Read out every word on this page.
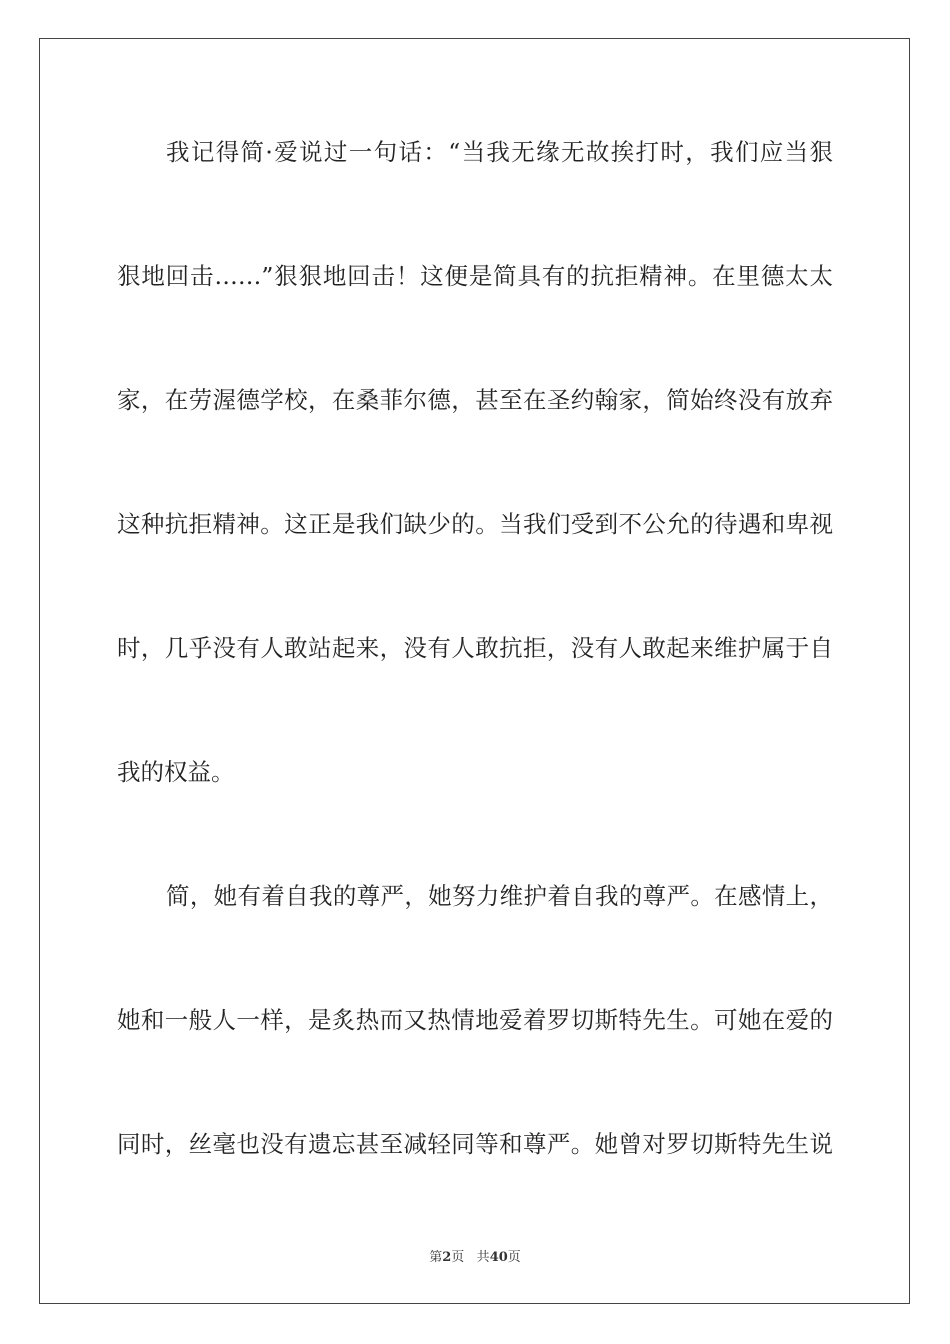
我记得简·爱说过一句话：“当我无缘无故挨打时，我们应当狠
狠地回击……”狠狠地回击！这便是简具有的抗拒精神。在里德太太
家，在劳渥德学校，在桑菲尔德，甚至在圣约翰家，简始终没有放弃
这种抗拒精神。这正是我们缺少的。当我们受到不公允的待遇和卑视
时，几乎没有人敢站起来，没有人敢抗拒，没有人敢起来维护属于自
我的权益。
简，她有着自我的尊严，她努力维护着自我的尊严。在感情上，
她和一般人一样，是炙热而又热情地爱着罗切斯特先生。可她在爱的
同时，丝毫也没有遗忘甚至减轻同等和尊严。她曾对罗切斯特先生说
第2页 共40页
